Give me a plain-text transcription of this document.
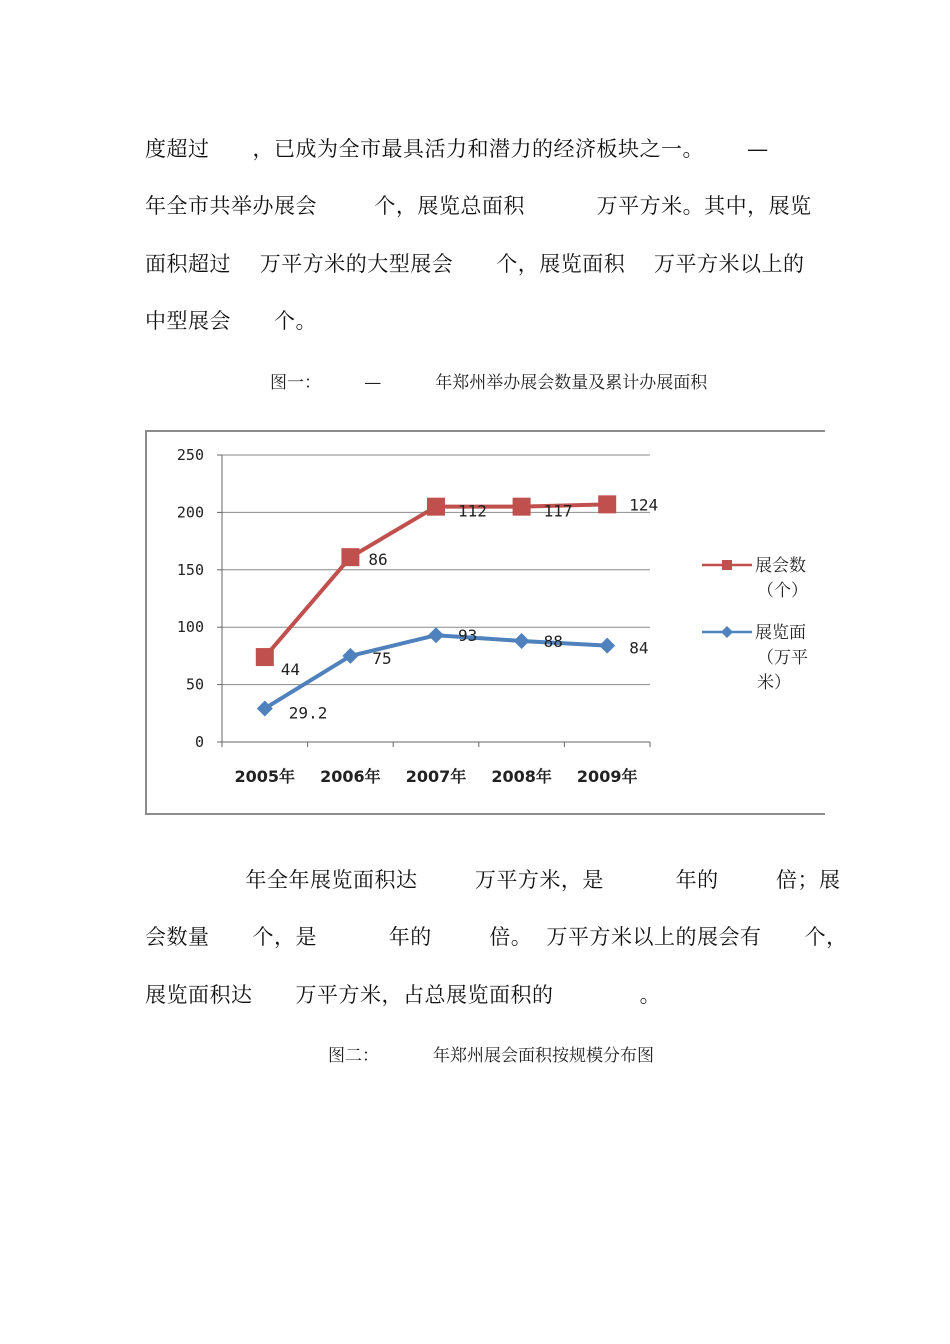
度超过      ，已成为全市最具活力和潜力的经济板块之一。      —
年全市共举办展会        个，展览总面积          万平方米。其中，展览
面积超过    万平方米的大型展会      个，展览面积    万平方米以上的
中型展会      个。
图一：        —          年郑州举办展会数量及累计办展面积
0
50
100
150
200
250
2005年 2006年 2007年 2008年 2009年
44
86
112	117	124
29.2
75
93	88	84
展会数
（个）
展览面
（万平
米）
年全年展览面积达        万平方米，是          年的        倍；展
会数量      个，是          年的        倍。  万平方米以上的展会有      个，
展览面积达      万平方米，占总展览面积的            。
图二：          年郑州展会面积按规模分布图
